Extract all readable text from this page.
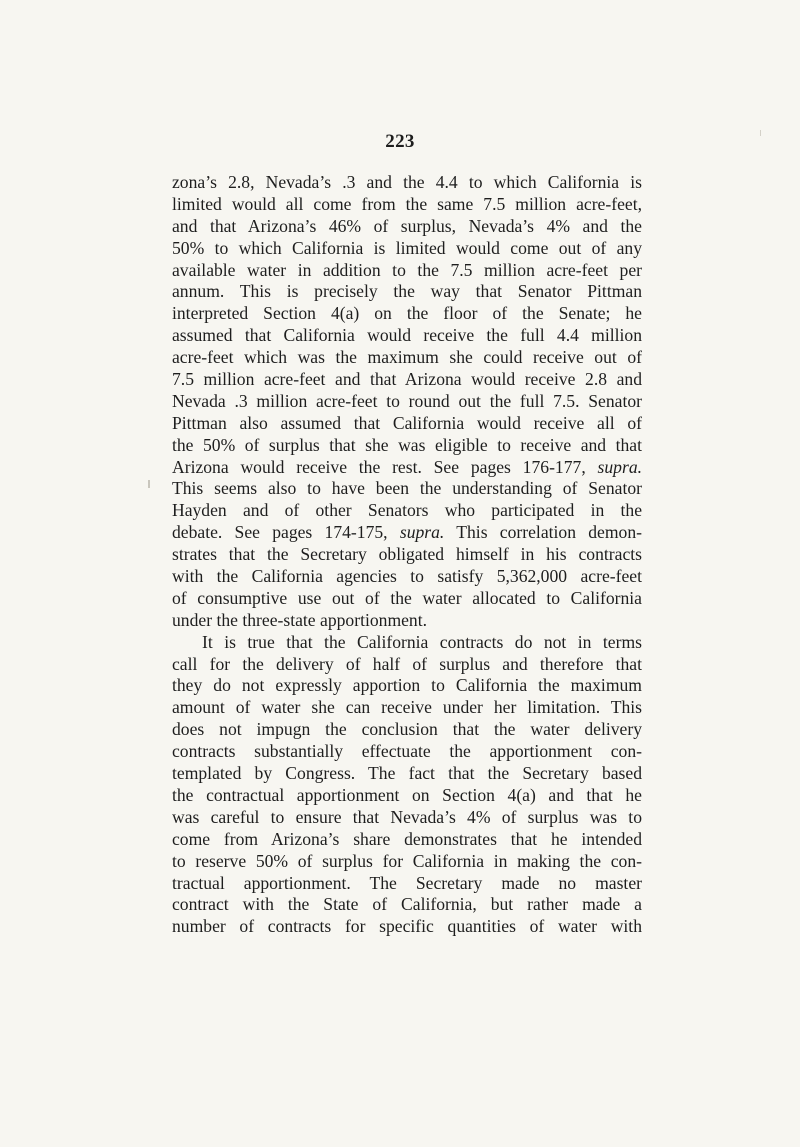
223
zona’s 2.8, Nevada’s .3 and the 4.4 to which California is
limited would all come from the same 7.5 million acre-feet,
and that Arizona’s 46% of surplus, Nevada’s 4% and the
50% to which California is limited would come out of any
available water in addition to the 7.5 million acre-feet per
annum. This is precisely the way that Senator Pittman
interpreted Section 4(a) on the floor of the Senate; he
assumed that California would receive the full 4.4 million
acre-feet which was the maximum she could receive out of
7.5 million acre-feet and that Arizona would receive 2.8 and
Nevada .3 million acre-feet to round out the full 7.5. Senator
Pittman also assumed that California would receive all of
the 50% of surplus that she was eligible to receive and that
Arizona would receive the rest. See pages 176-177, supra.
This seems also to have been the understanding of Senator
Hayden and of other Senators who participated in the
debate. See pages 174-175, supra. This correlation demon-
strates that the Secretary obligated himself in his contracts
with the California agencies to satisfy 5,362,000 acre-feet
of consumptive use out of the water allocated to California
under the three-state apportionment.
It is true that the California contracts do not in terms
call for the delivery of half of surplus and therefore that
they do not expressly apportion to California the maximum
amount of water she can receive under her limitation. This
does not impugn the conclusion that the water delivery
contracts substantially effectuate the apportionment con-
templated by Congress. The fact that the Secretary based
the contractual apportionment on Section 4(a) and that he
was careful to ensure that Nevada’s 4% of surplus was to
come from Arizona’s share demonstrates that he intended
to reserve 50% of surplus for California in making the con-
tractual apportionment. The Secretary made no master
contract with the State of California, but rather made a
number of contracts for specific quantities of water with
